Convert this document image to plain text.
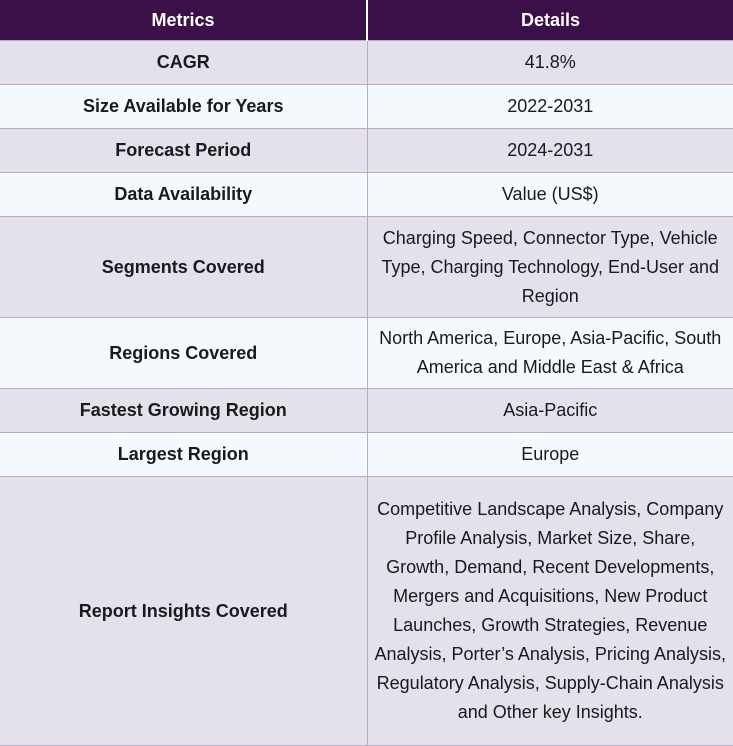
Metrics	Details
CAGR	41.8%
Size Available for Years	2022-2031
Forecast Period	2024-2031
Data Availability	Value (US$)
Segments Covered	Charging Speed, Connector Type, Vehicle Type, Charging Technology, End-User and Region
Regions Covered	North America, Europe, Asia-Pacific, South America and Middle East & Africa
Fastest Growing Region	Asia-Pacific
Largest Region	Europe
Report Insights Covered	Competitive Landscape Analysis, Company Profile Analysis, Market Size, Share, Growth, Demand, Recent Developments, Mergers and Acquisitions, New Product Launches, Growth Strategies, Revenue Analysis, Porter’s Analysis, Pricing Analysis, Regulatory Analysis, Supply-Chain Analysis and Other key Insights.
